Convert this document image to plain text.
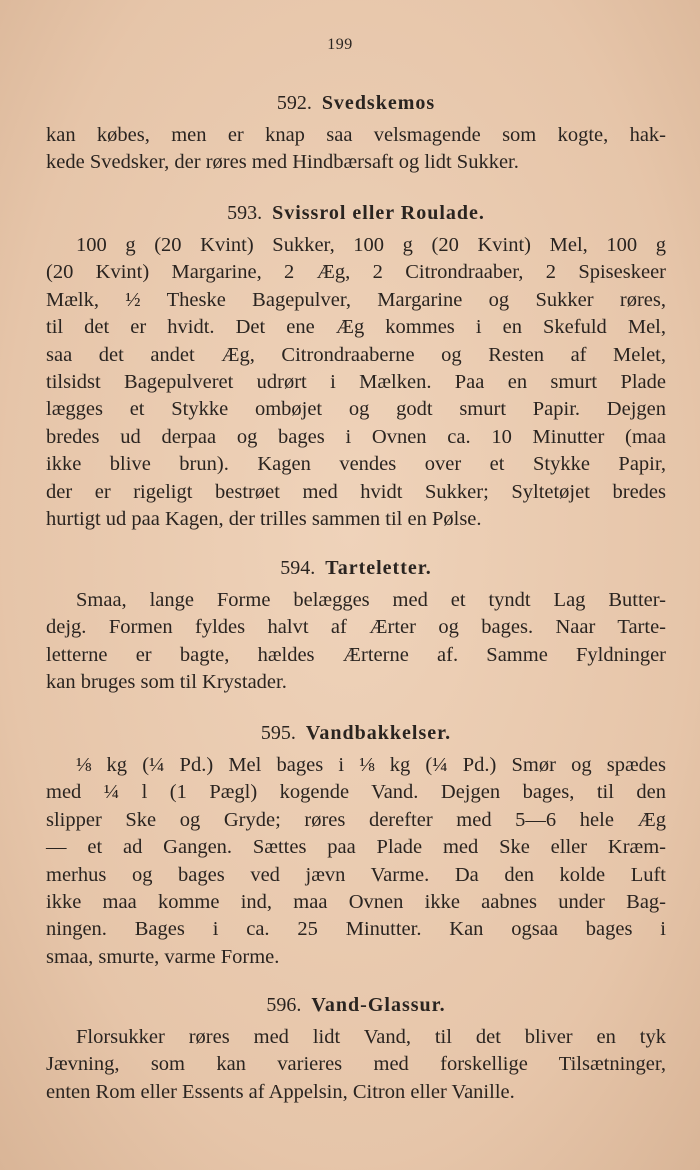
199
592. Svedskemos
kan købes, men er knap saa velsmagende som kogte, hak-
kede Svedsker, der røres med Hindbærsaft og lidt Sukker.
593. Svissrol eller Roulade.
100 g (20 Kvint) Sukker, 100 g (20 Kvint) Mel, 100 g
(20 Kvint) Margarine, 2 Æg, 2 Citrondraaber, 2 Spiseskeer
Mælk, ½ Theske Bagepulver, Margarine og Sukker røres,
til det er hvidt. Det ene Æg kommes i en Skefuld Mel,
saa det andet Æg, Citrondraaberne og Resten af Melet,
tilsidst Bagepulveret udrørt i Mælken. Paa en smurt Plade
lægges et Stykke ombøjet og godt smurt Papir. Dejgen
bredes ud derpaa og bages i Ovnen ca. 10 Minutter (maa
ikke blive brun). Kagen vendes over et Stykke Papir,
der er rigeligt bestrøet med hvidt Sukker; Syltetøjet bredes
hurtigt ud paa Kagen, der trilles sammen til en Pølse.
594. Tarteletter.
Smaa, lange Forme belægges med et tyndt Lag Butter-
dejg. Formen fyldes halvt af Ærter og bages. Naar Tarte-
letterne er bagte, hældes Ærterne af. Samme Fyldninger
kan bruges som til Krystader.
595. Vandbakkelser.
⅛ kg (¼ Pd.) Mel bages i ⅛ kg (¼ Pd.) Smør og spædes
med ¼ l (1 Pægl) kogende Vand. Dejgen bages, til den
slipper Ske og Gryde; røres derefter med 5—6 hele Æg
— et ad Gangen. Sættes paa Plade med Ske eller Kræm-
merhus og bages ved jævn Varme. Da den kolde Luft
ikke maa komme ind, maa Ovnen ikke aabnes under Bag-
ningen. Bages i ca. 25 Minutter. Kan ogsaa bages i
smaa, smurte, varme Forme.
596. Vand-Glassur.
Florsukker røres med lidt Vand, til det bliver en tyk
Jævning, som kan varieres med forskellige Tilsætninger,
enten Rom eller Essents af Appelsin, Citron eller Vanille.
